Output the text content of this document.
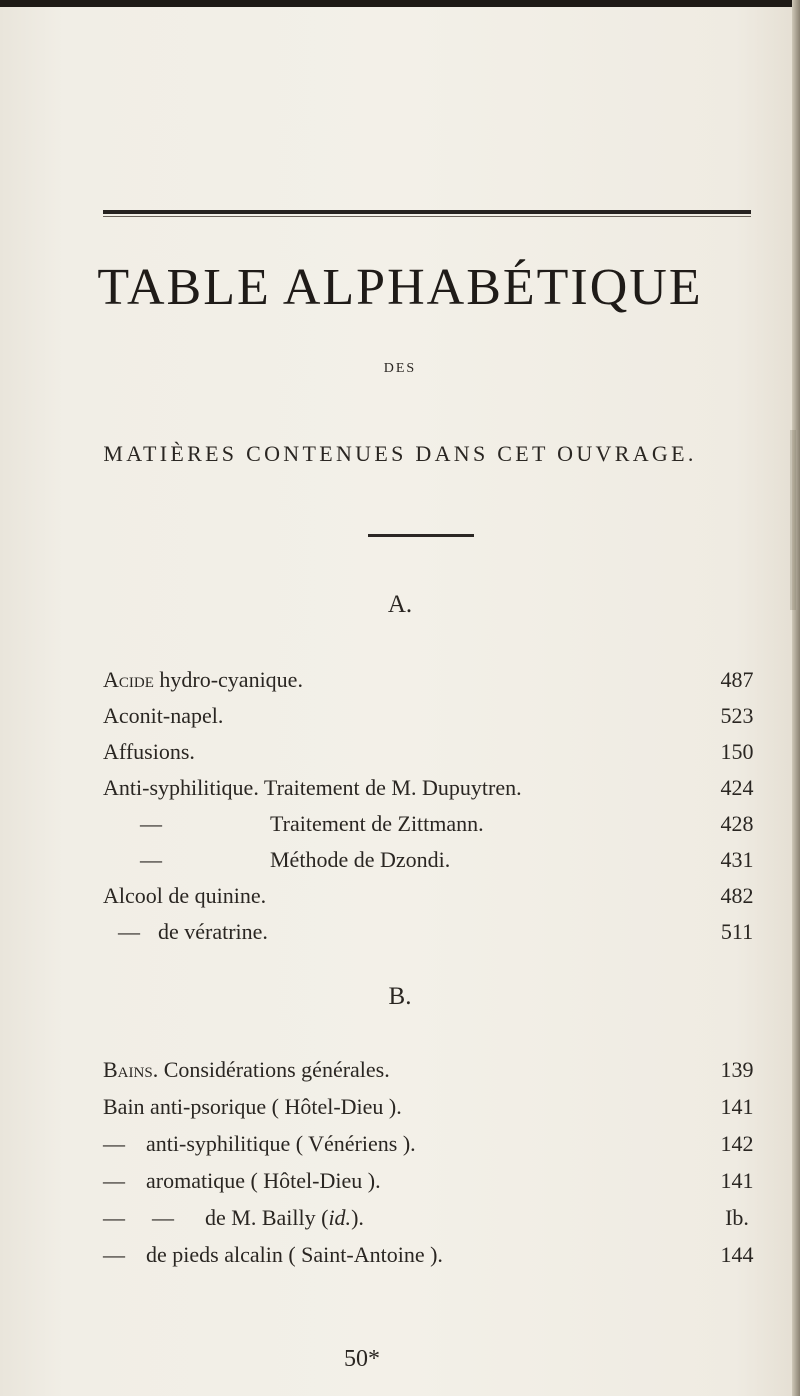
TABLE ALPHABÉTIQUE
DES
MATIÈRES CONTENUES DANS CET OUVRAGE.
A.
Acide hydro-cyanique.	487
Aconit-napel.	523
Affusions.	150
Anti-syphilitique. Traitement de M. Dupuytren.	424
—	Traitement de Zittmann.	428
—	Méthode de Dzondi.	431
Alcool de quinine.	482
— de vératrine.	511
B.
Bains. Considérations générales.	139
Bain anti-psorique ( Hôtel-Dieu ).	141
— anti-syphilitique ( Vénériens ).	142
— aromatique ( Hôtel-Dieu ).	141
— — de M. Bailly (id.).	Ib.
— de pieds alcalin ( Saint-Antoine ).	144
50*
